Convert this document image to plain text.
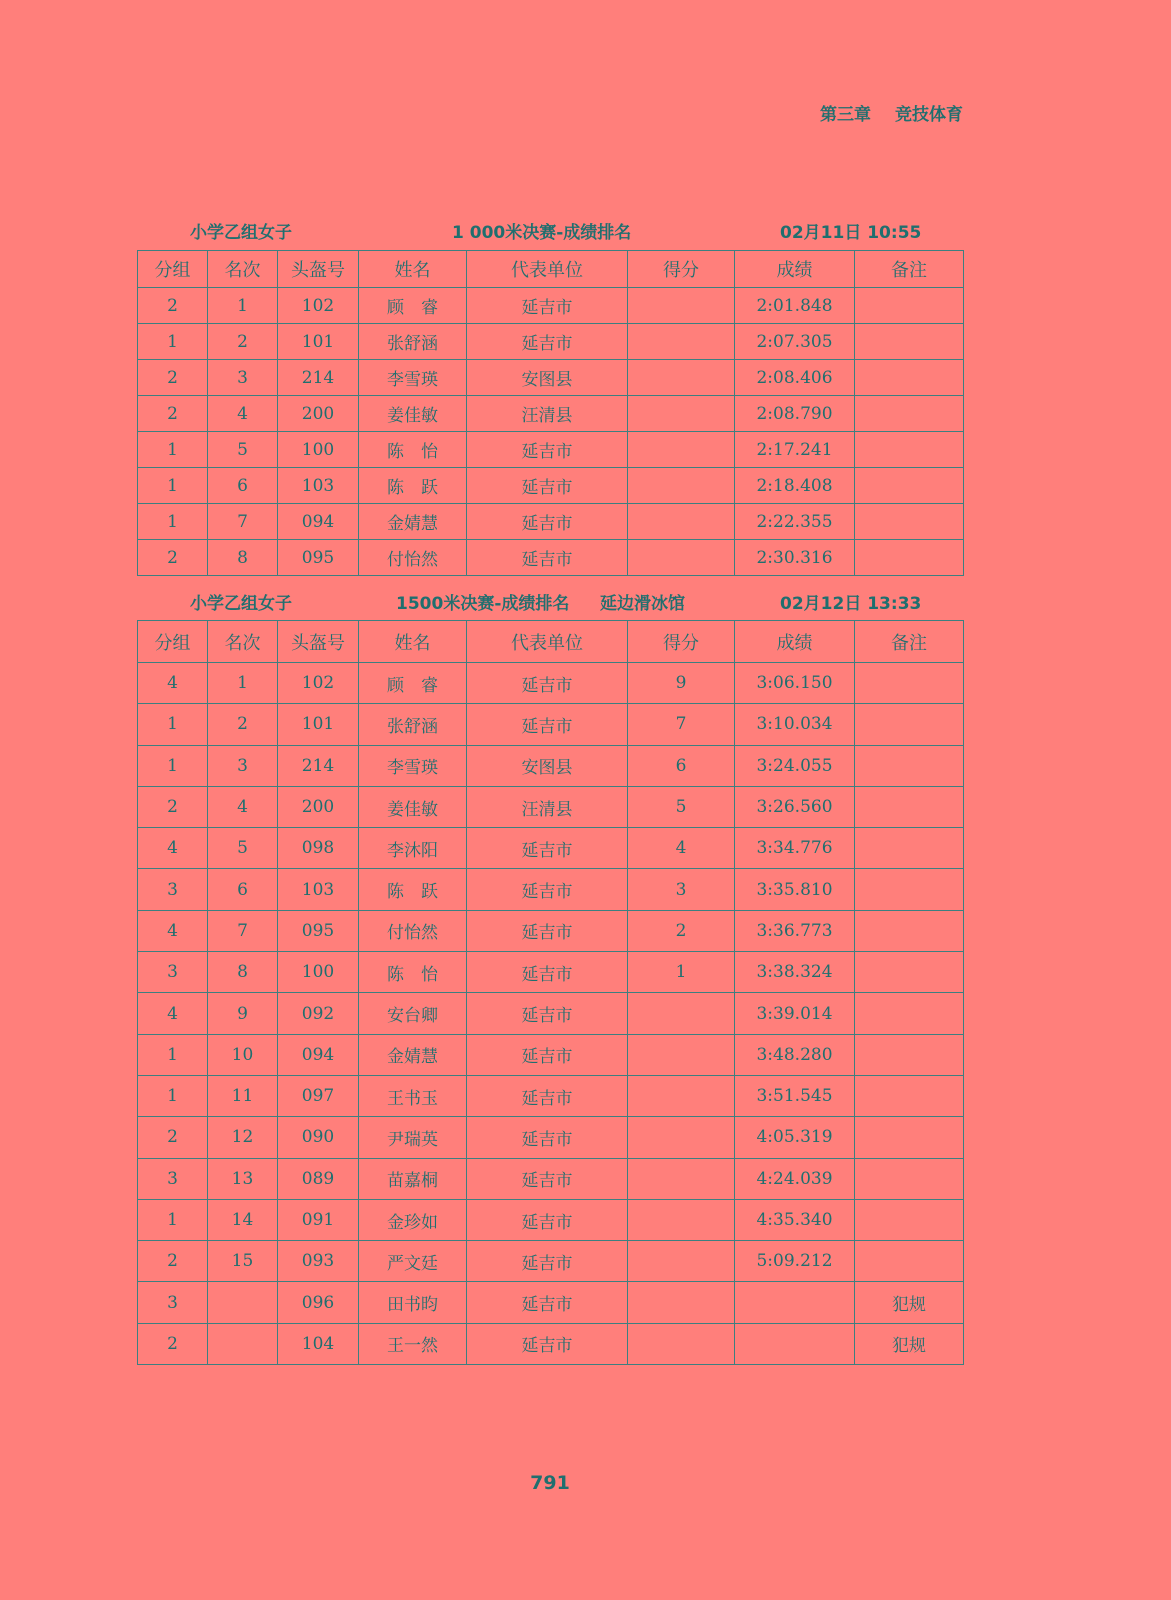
第三章 竞技体育
小学乙组女子	1 000米决赛-成绩排名	02月11日 10:55
分组	名次	头盔号	姓名	代表单位	得分	成绩	备注
2	1	102	顾　睿	延吉市		2:01.848	
1	2	101	张舒涵	延吉市		2:07.305	
2	3	214	李雪瑛	安图县		2:08.406	
2	4	200	姜佳敏	汪清县		2:08.790	
1	5	100	陈　怡	延吉市		2:17.241	
1	6	103	陈　跃	延吉市		2:18.408	
1	7	094	金婧慧	延吉市		2:22.355	
2	8	095	付怡然	延吉市		2:30.316	
小学乙组女子	1500米决赛-成绩排名 延边滑冰馆	02月12日 13:33
分组	名次	头盔号	姓名	代表单位	得分	成绩	备注
4	1	102	顾　睿	延吉市	9	3:06.150	
1	2	101	张舒涵	延吉市	7	3:10.034	
1	3	214	李雪瑛	安图县	6	3:24.055	
2	4	200	姜佳敏	汪清县	5	3:26.560	
4	5	098	李沐阳	延吉市	4	3:34.776	
3	6	103	陈　跃	延吉市	3	3:35.810	
4	7	095	付怡然	延吉市	2	3:36.773	
3	8	100	陈　怡	延吉市	1	3:38.324	
4	9	092	安台卿	延吉市		3:39.014	
1	10	094	金婧慧	延吉市		3:48.280	
1	11	097	王书玉	延吉市		3:51.545	
2	12	090	尹瑞英	延吉市		4:05.319	
3	13	089	苗嘉桐	延吉市		4:24.039	
1	14	091	金珍如	延吉市		4:35.340	
2	15	093	严文廷	延吉市		5:09.212	
3		096	田书昀	延吉市			犯规
2		104	王一然	延吉市			犯规
791
